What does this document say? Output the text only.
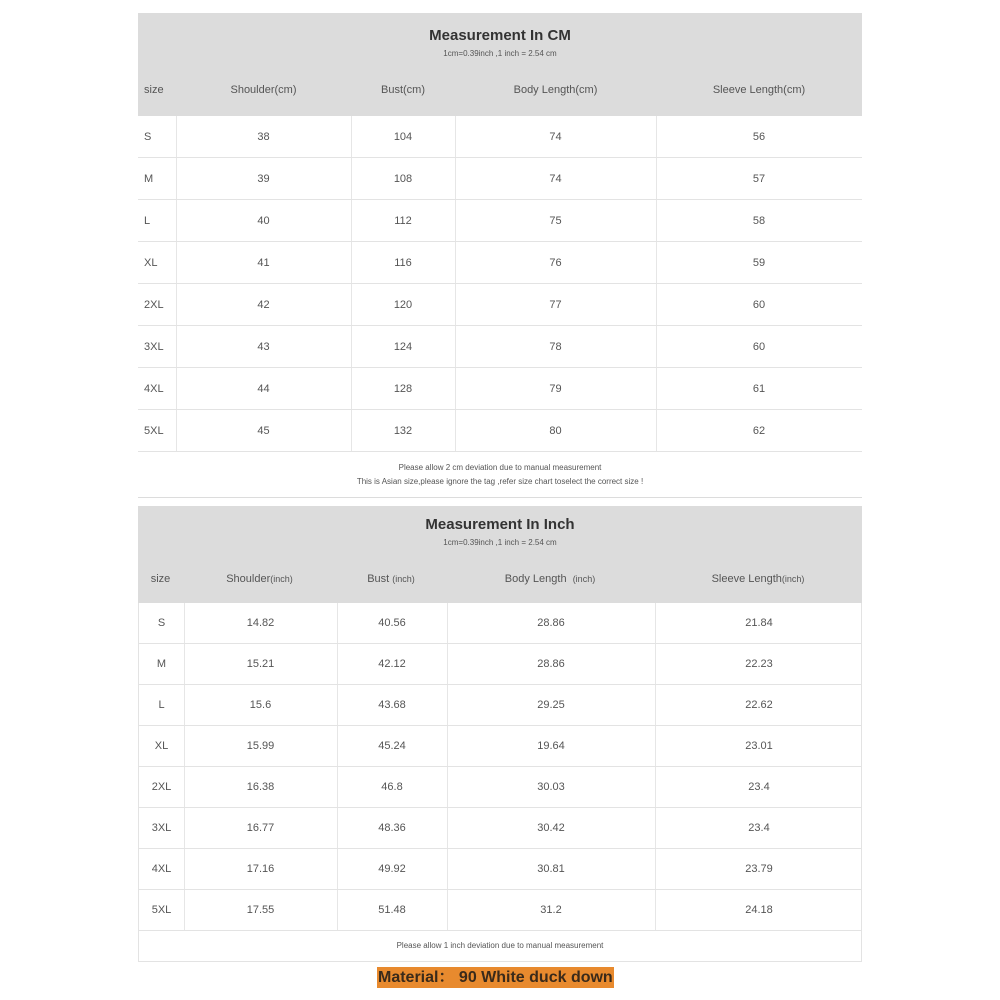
Measurement In CM
1cm=0.39inch ,1 inch = 2.54 cm
size	Shoulder(cm)	Bust(cm)	Body Length(cm)	Sleeve Length(cm)
S	38	104	74	56
M	39	108	74	57
L	40	112	75	58
XL	41	116	76	59
2XL	42	120	77	60
3XL	43	124	78	60
4XL	44	128	79	61
5XL	45	132	80	62
Please allow 2 cm deviation due to manual measurement
This is Asian size,please ignore the tag ,refer size chart toselect the correct size !
Measurement In Inch
1cm=0.39inch ,1 inch = 2.54 cm
size	Shoulder(inch)	Bust (inch)	Body Length  (inch)	Sleeve Length(inch)
S	14.82	40.56	28.86	21.84
M	15.21	42.12	28.86	22.23
L	15.6	43.68	29.25	22.62
XL	15.99	45.24	19.64	23.01
2XL	16.38	46.8	30.03	23.4
3XL	16.77	48.36	30.42	23.4
4XL	17.16	49.92	30.81	23.79
5XL	17.55	51.48	31.2	24.18
Please allow 1 inch deviation due to manual measurement
Material： 90 White duck down
